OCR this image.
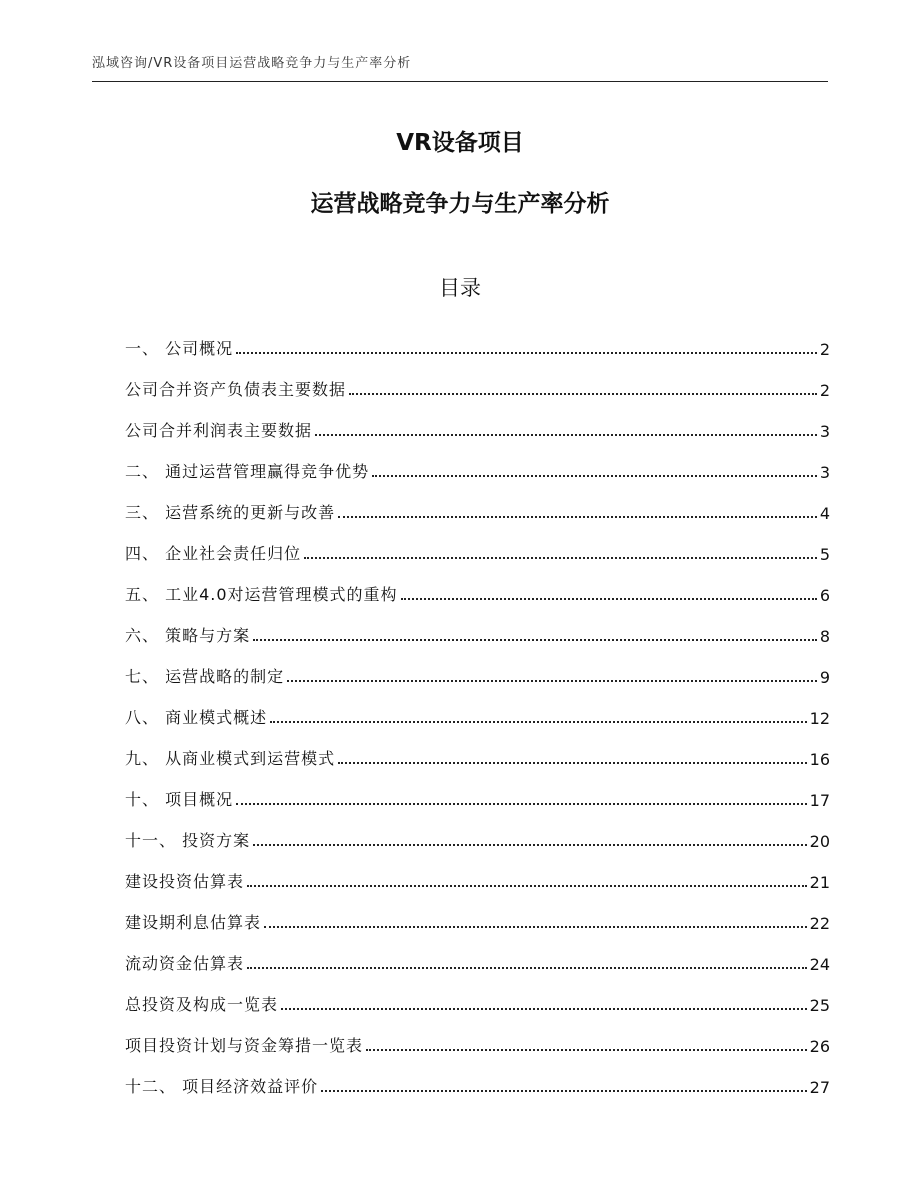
泓域咨询/VR设备项目运营战略竞争力与生产率分析
VR设备项目
运营战略竞争力与生产率分析
目录
一、 公司概况	2
公司合并资产负债表主要数据	2
公司合并利润表主要数据	3
二、 通过运营管理赢得竞争优势	3
三、 运营系统的更新与改善	4
四、 企业社会责任归位	5
五、 工业4.0对运营管理模式的重构	6
六、 策略与方案	8
七、 运营战略的制定	9
八、 商业模式概述	12
九、 从商业模式到运营模式	16
十、 项目概况	17
十一、 投资方案	20
建设投资估算表	21
建设期利息估算表	22
流动资金估算表	24
总投资及构成一览表	25
项目投资计划与资金筹措一览表	26
十二、 项目经济效益评价	27
